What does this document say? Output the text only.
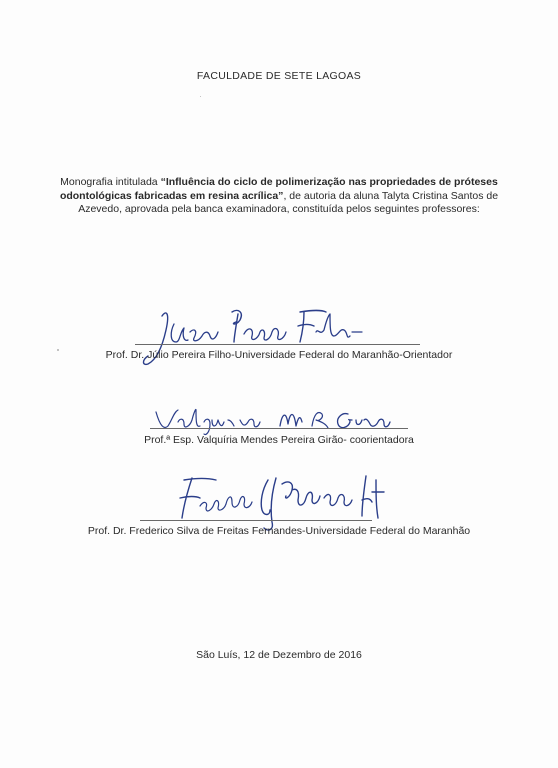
FACULDADE DE SETE LAGOAS
Monografia intitulada “Influência do ciclo de polimerização nas propriedades de próteses odontológicas fabricadas em resina acrílica”, de autoria da aluna Talyta Cristina Santos de Azevedo, aprovada pela banca examinadora, constituída pelos seguintes professores:
Prof. Dr. Júlio Pereira Filho-Universidade Federal do Maranhão-Orientador
Prof.ª Esp. Valquíria Mendes Pereira Girão- coorientadora
Prof. Dr. Frederico Silva de Freitas Fernandes-Universidade Federal do Maranhão
São Luís, 12 de Dezembro de 2016
